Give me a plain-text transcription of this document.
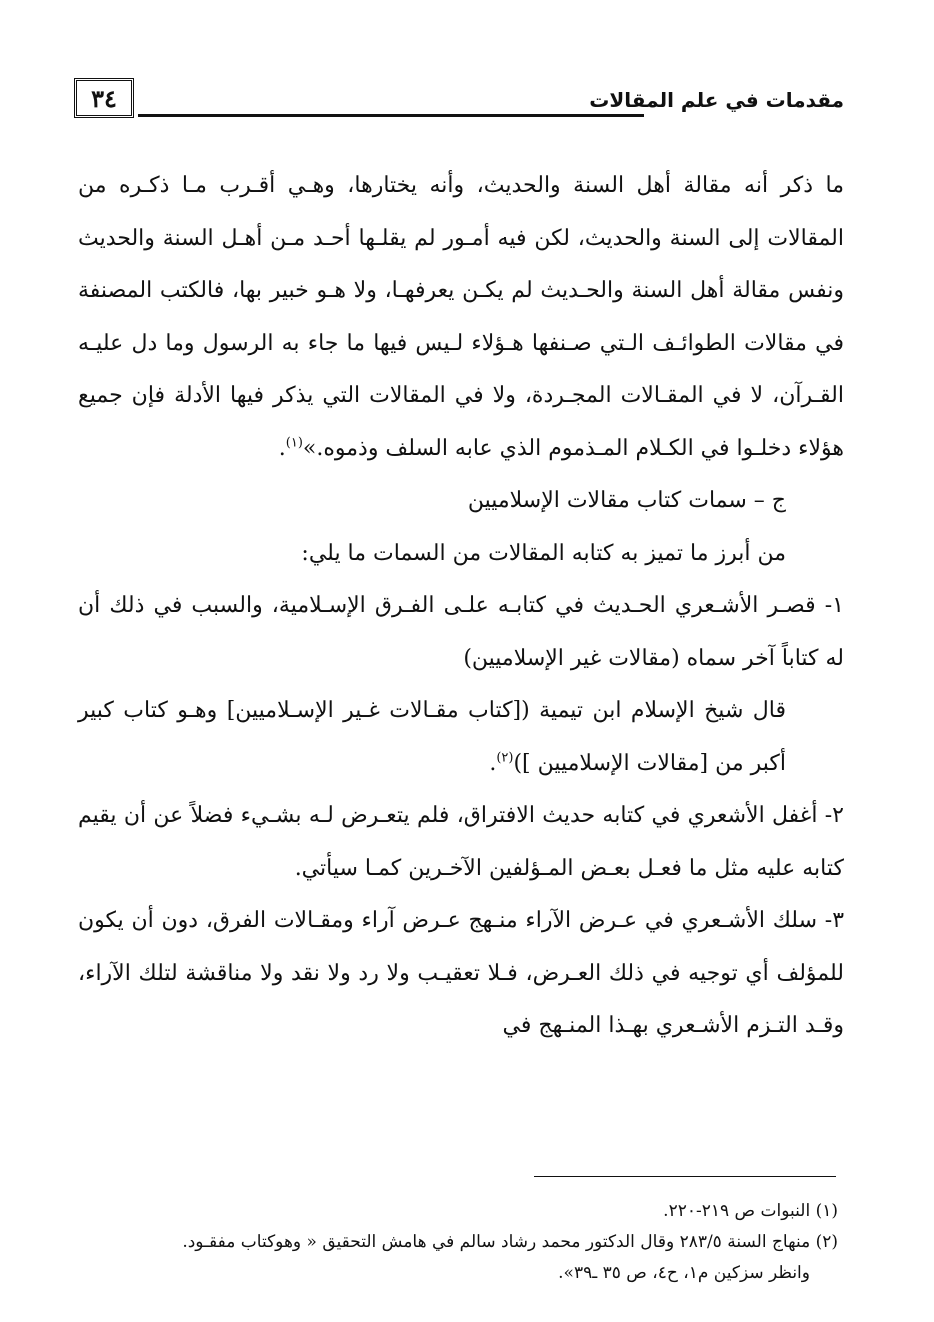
٣٤	مقدمات في علم المقالات

ما ذكر أنه مقالة أهل السنة والحديث، وأنه يختارها، وهـي أقـرب مـا ذكـره من المقالات إلى السنة والحديث، لكن فيه أمـور لم يقلـها أحـد مـن أهـل السنة والحديث ونفس مقالة أهل السنة والحـديث لم يكـن يعرفهـا، ولا هـو خبير بها، فالكتب المصنفة في مقالات الطوائـف الـتي صـنفها هـؤلاء لـيس فيها ما جاء به الرسول وما دل عليـه القـرآن، لا في المقـالات المجـردة، ولا في المقالات التي يذكر فيها الأدلة فإن جميع هؤلاء دخلـوا في الكـلام المـذموم الذي عابه السلف وذموه.»$^{(١)}$.

ج – سمات كتاب مقالات الإسلاميين

من أبرز ما تميز به كتابه المقالات من السمات ما يلي:

١- قصـر الأشـعري الحـديث في كتابـه علـى الفـرق الإسـلامية، والسبب في ذلك أن له كتاباً آخر سماه (مقالات غير الإسلاميين)

قال شيخ الإسلام ابن تيمية ([كتاب مقـالات غـير الإسـلاميين] وهـو كتاب كبير أكبر من [مقالات الإسلاميين ])$^{(٢)}$.

٢- أغفل الأشعري في كتابه حديث الافتراق، فلم يتعـرض لـه بشـيء فضلاً عن أن يقيم كتابه عليه مثل ما فعـل بعـض المـؤلفين الآخـرين كمـا سيأتي.

٣- سلك الأشـعري في عـرض الآراء منـهج عـرض آراء ومقـالات الفرق، دون أن يكون للمؤلف أي توجيه في ذلك العـرض، فـلا تعقيـب ولا رد ولا نقد ولا مناقشة لتلك الآراء، وقـد التـزم الأشـعري بهـذا المنـهج في

(١) النبوات ص ٢١٩-٢٢٠.

(٢) منهاج السنة ٢٨٣/٥ وقال الدكتور محمد رشاد سالم في هامش التحقيق « وهوكتاب مفقـود.

وانظر سزكين م١، ح٤، ص ٣٥ ـ٣٩».
